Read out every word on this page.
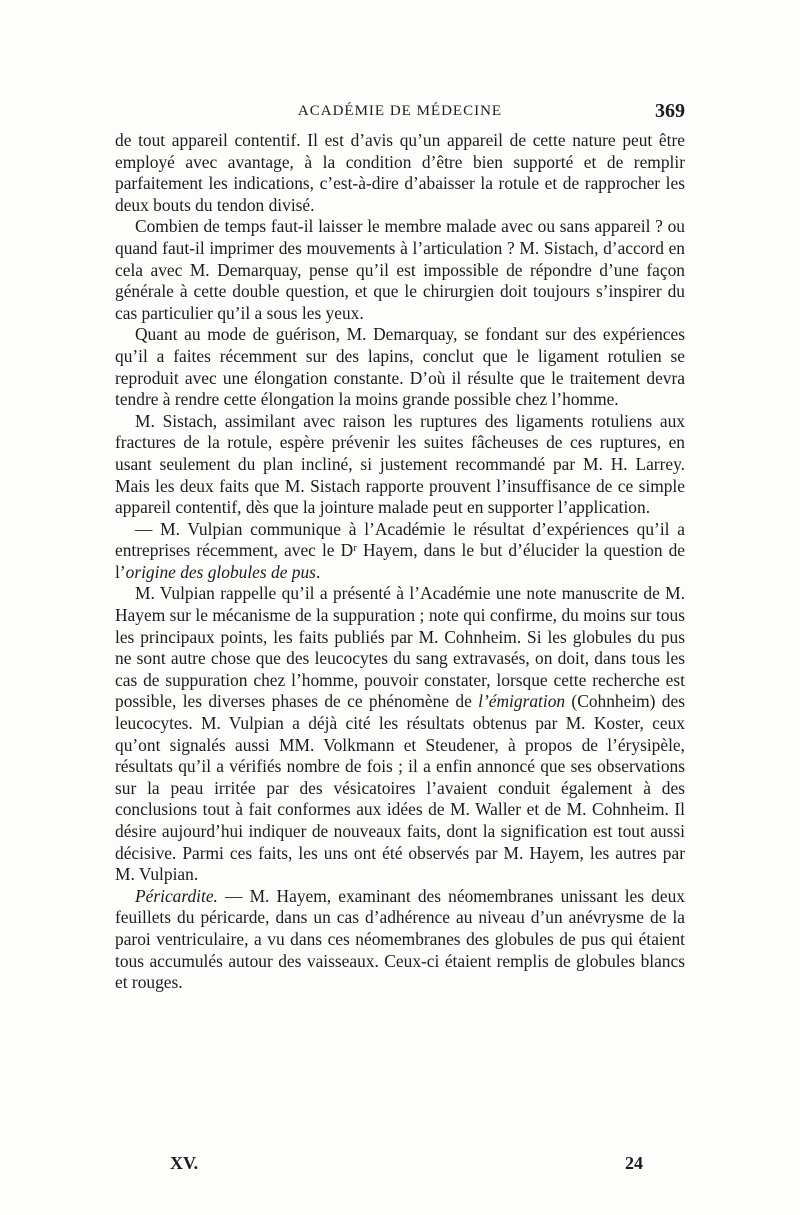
ACADÉMIE DE MÉDECINE	369

de tout appareil contentif. Il est d’avis qu’un appareil de cette nature peut être employé avec avantage, à la condition d’être bien supporté et de remplir parfaitement les indications, c’est-à-dire d’abaisser la rotule et de rapprocher les deux bouts du tendon divisé.

Combien de temps faut-il laisser le membre malade avec ou sans appareil ? ou quand faut-il imprimer des mouvements à l’articulation ? M. Sistach, d’accord en cela avec M. Demarquay, pense qu’il est impossible de répondre d’une façon générale à cette double question, et que le chirurgien doit toujours s’inspirer du cas particulier qu’il a sous les yeux.

Quant au mode de guérison, M. Demarquay, se fondant sur des expériences qu’il a faites récemment sur des lapins, conclut que le ligament rotulien se reproduit avec une élongation constante. D’où il résulte que le traitement devra tendre à rendre cette élongation la moins grande possible chez l’homme.

M. Sistach, assimilant avec raison les ruptures des ligaments rotuliens aux fractures de la rotule, espère prévenir les suites fâcheuses de ces ruptures, en usant seulement du plan incliné, si justement recommandé par M. H. Larrey. Mais les deux faits que M. Sistach rapporte prouvent l’insuffisance de ce simple appareil contentif, dès que la jointure malade peut en supporter l’application.

— M. Vulpian communique à l’Académie le résultat d’expériences qu’il a entreprises récemment, avec le Dʳ Hayem, dans le but d’élucider la question de l’origine des globules de pus.

M. Vulpian rappelle qu’il a présenté à l’Académie une note manuscrite de M. Hayem sur le mécanisme de la suppuration ; note qui confirme, du moins sur tous les principaux points, les faits publiés par M. Cohnheim. Si les globules du pus ne sont autre chose que des leucocytes du sang extravasés, on doit, dans tous les cas de suppuration chez l’homme, pouvoir constater, lorsque cette recherche est possible, les diverses phases de ce phénomène de l’émigration (Cohnheim) des leucocytes. M. Vulpian a déjà cité les résultats obtenus par M. Koster, ceux qu’ont signalés aussi MM. Volkmann et Steudener, à propos de l’érysipèle, résultats qu’il a vérifiés nombre de fois ; il a enfin annoncé que ses observations sur la peau irritée par des vésicatoires l’avaient conduit également à des conclusions tout à fait conformes aux idées de M. Waller et de M. Cohnheim. Il désire aujourd’hui indiquer de nouveaux faits, dont la signification est tout aussi décisive. Parmi ces faits, les uns ont été observés par M. Hayem, les autres par M. Vulpian.

Péricardite. — M. Hayem, examinant des néomembranes unissant les deux feuillets du péricarde, dans un cas d’adhérence au niveau d’un anévrysme de la paroi ventriculaire, a vu dans ces néomembranes des globules de pus qui étaient tous accumulés autour des vaisseaux. Ceux-ci étaient remplis de globules blancs et rouges.

XV.	24
